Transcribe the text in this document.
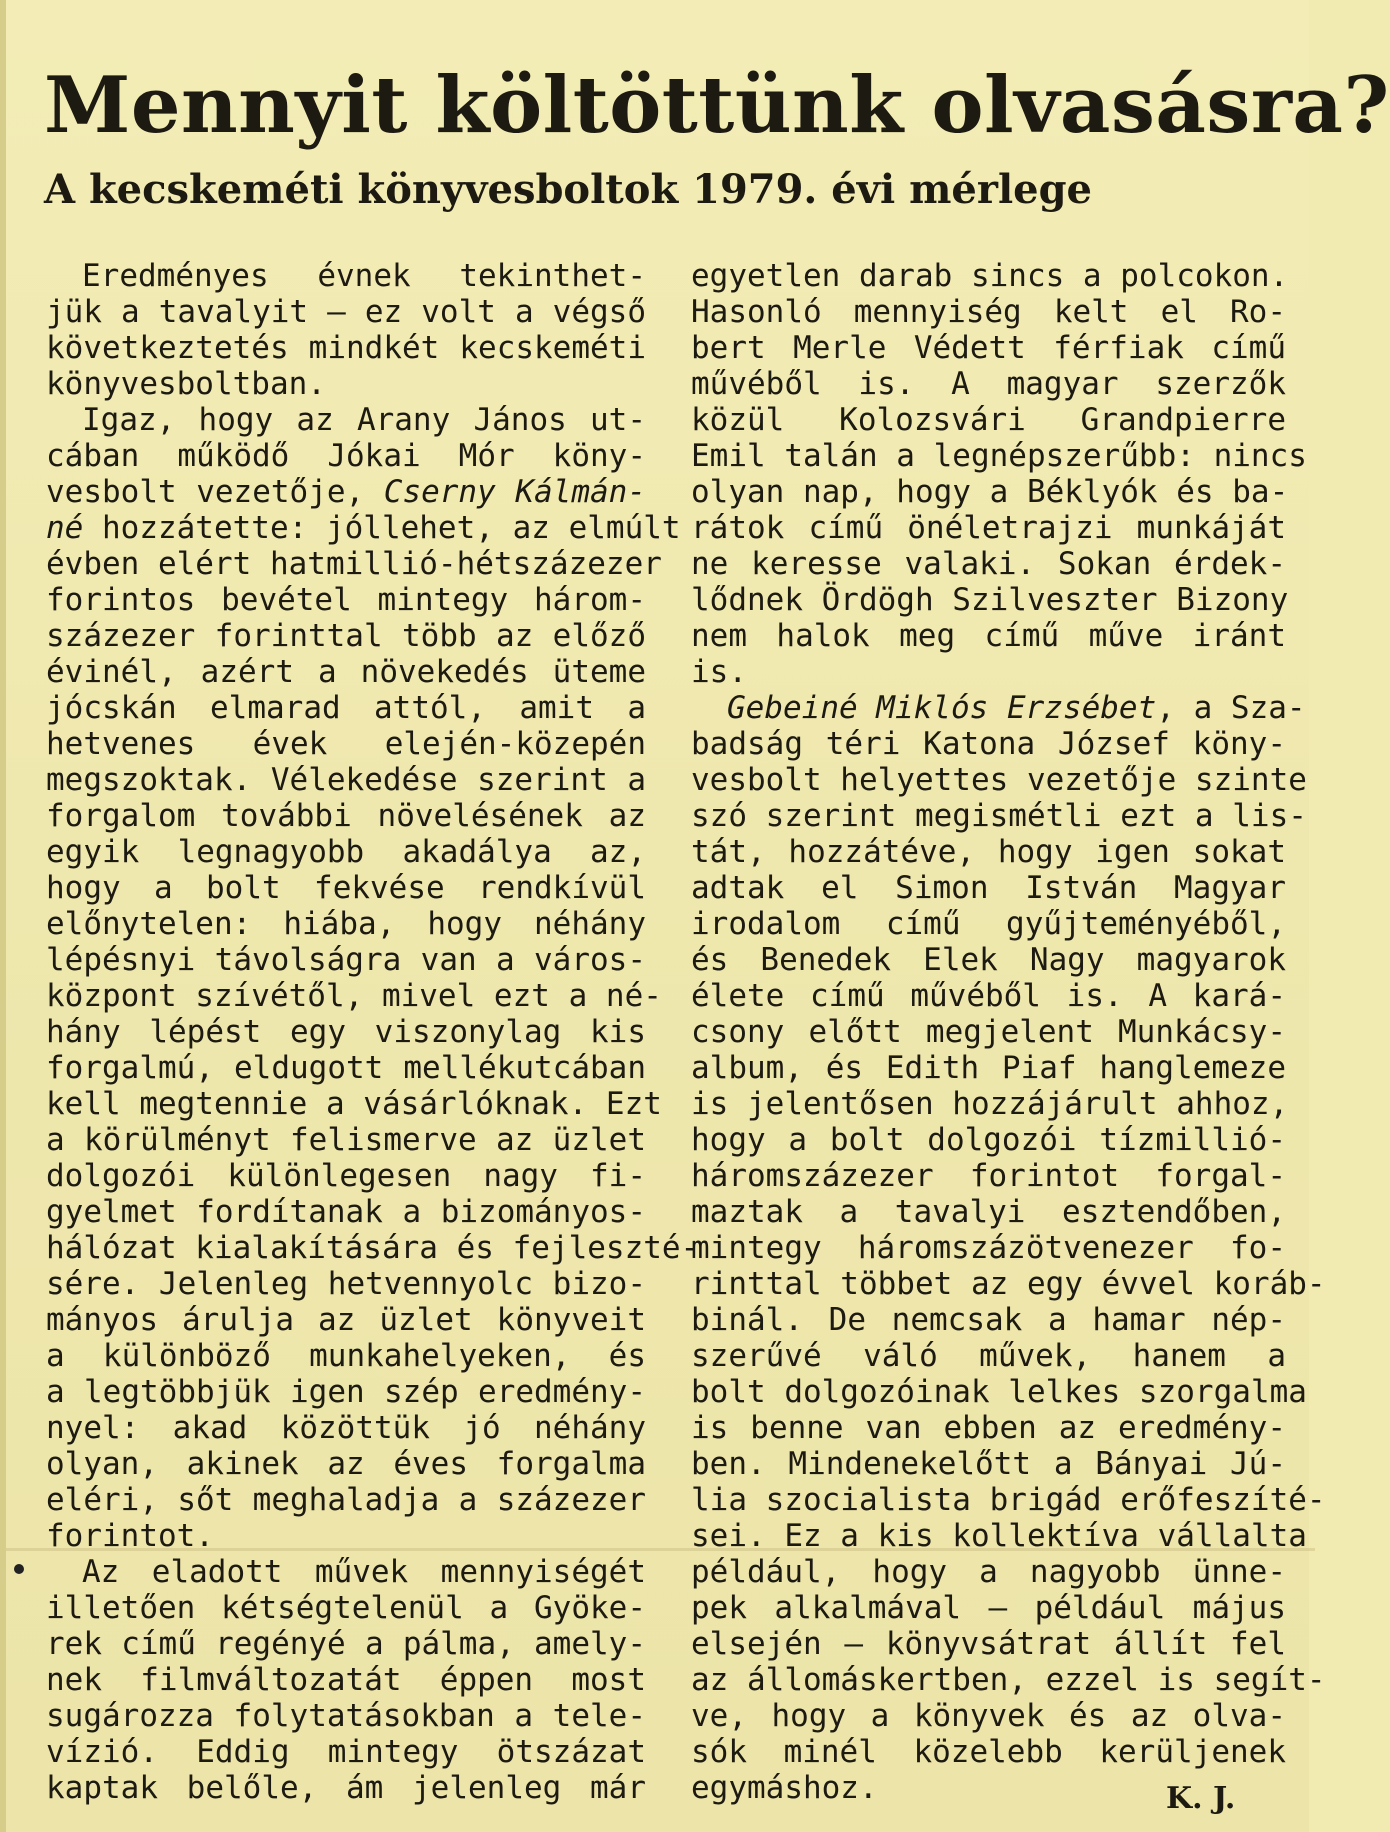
Mennyit költöttünk olvasásra?
A kecskeméti könyvesboltok 1979. évi mérlege
Eredményes évnek tekinthet-
jük a tavalyit — ez volt a végső
következtetés mindkét kecskeméti
könyvesboltban.
Igaz, hogy az Arany János ut-
cában működő Jókai Mór köny-
vesbolt vezetője, Cserny Kálmán-
né hozzátette: jóllehet, az elmúlt
évben elért hatmillió-hétszázezer
forintos bevétel mintegy három-
százezer forinttal több az előző
évinél, azért a növekedés üteme
jócskán elmarad attól, amit a
hetvenes évek elején-közepén
megszoktak. Vélekedése szerint a
forgalom további növelésének az
egyik legnagyobb akadálya az,
hogy a bolt fekvése rendkívül
előnytelen: hiába, hogy néhány
lépésnyi távolságra van a város-
központ szívétől, mivel ezt a né-
hány lépést egy viszonylag kis
forgalmú, eldugott mellékutcában
kell megtennie a vásárlóknak. Ezt
a körülményt felismerve az üzlet
dolgozói különlegesen nagy fi-
gyelmet fordítanak a bizományos-
hálózat kialakítására és fejleszté-
sére. Jelenleg hetvennyolc bizo-
mányos árulja az üzlet könyveit
a különböző munkahelyeken, és
a legtöbbjük igen szép eredmény-
nyel: akad közöttük jó néhány
olyan, akinek az éves forgalma
eléri, sőt meghaladja a százezer
forintot.
Az eladott művek mennyiségét
illetően kétségtelenül a Gyöke-
rek című regényé a pálma, amely-
nek filmváltozatát éppen most
sugározza folytatásokban a tele-
vízió. Eddig mintegy ötszázat
kaptak belőle, ám jelenleg már
egyetlen darab sincs a polcokon.
Hasonló mennyiség kelt el Ro-
bert Merle Védett férfiak című
művéből is. A magyar szerzők
közül Kolozsvári Grandpierre
Emil talán a legnépszerűbb: nincs
olyan nap, hogy a Béklyók és ba-
rátok című önéletrajzi munkáját
ne keresse valaki. Sokan érdek-
lődnek Ördögh Szilveszter Bizony
nem halok meg című műve iránt
is.
Gebeiné Miklós Erzsébet, a Sza-
badság téri Katona József köny-
vesbolt helyettes vezetője szinte
szó szerint megismétli ezt a lis-
tát, hozzátéve, hogy igen sokat
adtak el Simon István Magyar
irodalom című gyűjteményéből,
és Benedek Elek Nagy magyarok
élete című művéből is. A kará-
csony előtt megjelent Munkácsy-
album, és Edith Piaf hanglemeze
is jelentősen hozzájárult ahhoz,
hogy a bolt dolgozói tízmillió-
háromszázezer forintot forgal-
maztak a tavalyi esztendőben,
mintegy háromszázötvenezer fo-
rinttal többet az egy évvel koráb-
binál. De nemcsak a hamar nép-
szerűvé váló művek, hanem a
bolt dolgozóinak lelkes szorgalma
is benne van ebben az eredmény-
ben. Mindenekelőtt a Bányai Jú-
lia szocialista brigád erőfeszíté-
sei. Ez a kis kollektíva vállalta
például, hogy a nagyobb ünne-
pek alkalmával — például május
elsején — könyvsátrat állít fel
az állomáskertben, ezzel is segít-
ve, hogy a könyvek és az olva-
sók minél közelebb kerüljenek
egymáshoz.	K. J.
